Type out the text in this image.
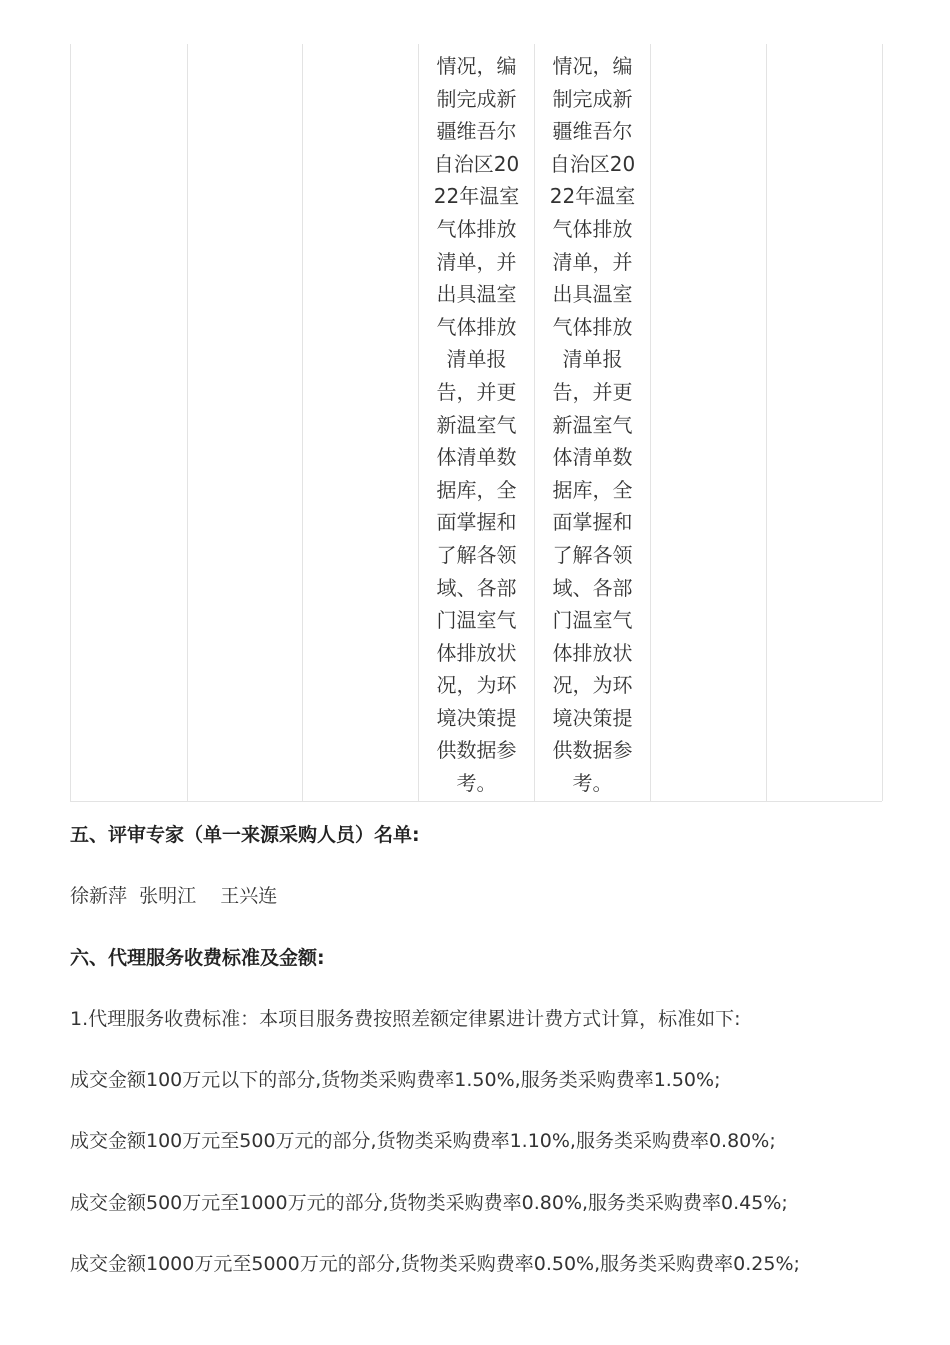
情况，编
制完成新
疆维吾尔
自治区20
22年温室
气体排放
清单，并
出具温室
气体排放
清单报
告，并更
新温室气
体清单数
据库，全
面掌握和
了解各领
域、各部
门温室气
体排放状
况，为环
境决策提
供数据参
考。
情况，编
制完成新
疆维吾尔
自治区20
22年温室
气体排放
清单，并
出具温室
气体排放
清单报
告，并更
新温室气
体清单数
据库，全
面掌握和
了解各领
域、各部
门温室气
体排放状
况，为环
境决策提
供数据参
考。
五、评审专家（单一来源采购人员）名单:
徐新萍  张明江    王兴连
六、代理服务收费标准及金额:
1.代理服务收费标准：本项目服务费按照差额定律累进计费方式计算，标准如下:
成交金额100万元以下的部分,货物类采购费率1.50%,服务类采购费率1.50%;
成交金额100万元至500万元的部分,货物类采购费率1.10%,服务类采购费率0.80%;
成交金额500万元至1000万元的部分,货物类采购费率0.80%,服务类采购费率0.45%;
成交金额1000万元至5000万元的部分,货物类采购费率0.50%,服务类采购费率0.25%;
